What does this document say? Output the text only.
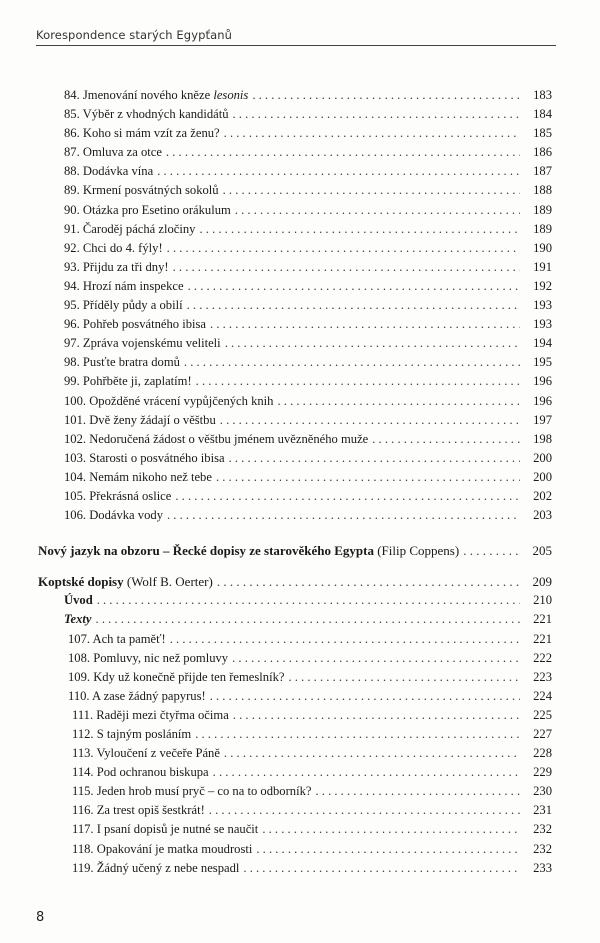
Korespondence starých Egypťanů
84. Jmenování nového kněze lesonis . . .	183
85. Výběr z vhodných kandidátů . . .	184
86. Koho si mám vzít za ženu? . . .	185
87. Omluva za otce . . .	186
88. Dodávka vína . . .	187
89. Krmení posvátných sokolů . . .	188
90. Otázka pro Esetino orákulum . . .	189
91. Čaroděj páchá zločiny . . .	189
92. Chci do 4. fýly! . . .	190
93. Přijdu za tři dny! . . .	191
94. Hrozí nám inspekce . . .	192
95. Příděly půdy a obilí . . .	193
96. Pohřeb posvátného ibisa . . .	193
97. Zpráva vojenskému veliteli . . .	194
98. Pusťte bratra domů . . .	195
99. Pohřběte ji, zaplatím! . . .	196
100. Opožděné vrácení vypůjčených knih . . .	196
101. Dvě ženy žádají o věštbu . . .	197
102. Nedoručená žádost o věštbu jménem uvězněného muže . . .	198
103. Starosti o posvátného ibisa . . .	200
104. Nemám nikoho než tebe . . .	200
105. Překrásná oslice . . .	202
106. Dodávka vody . . .	203
Nový jazyk na obzoru – Řecké dopisy ze starověkého Egypta (Filip Coppens) . . .	205
Koptské dopisy (Wolf B. Oerter) . . .	209
Úvod . . .	210
Texty . . .	221
107. Ach ta paměť! . . .	221
108. Pomluvy, nic než pomluvy . . .	222
109. Kdy už konečně přijde ten řemeslník? . . .	223
110. A zase žádný papyrus! . . .	224
111. Raději mezi čtyřma očima . . .	225
112. S tajným posláním . . .	227
113. Vyloučení z večeře Páně . . .	228
114. Pod ochranou biskupa . . .	229
115. Jeden hrob musí pryč – co na to odborník? . . .	230
116. Za trest opiš šestkrát! . . .	231
117. I psaní dopisů je nutné se naučit . . .	232
118. Opakování je matka moudrosti . . .	232
119. Žádný učený z nebe nespadl . . .	233
8
